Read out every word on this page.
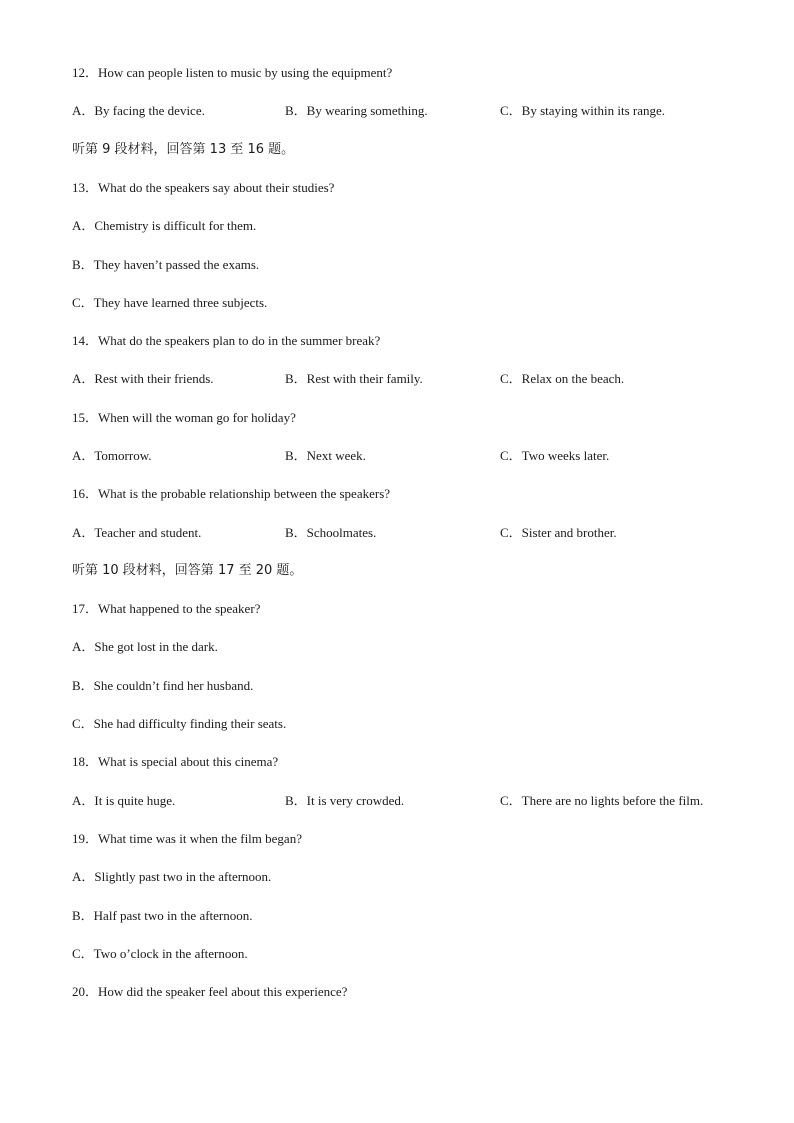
12．How can people listen to music by using the equipment?
A．By facing the device.	B．By wearing something.	C．By staying within its range.
听第 9 段材料，回答第 13 至 16 题。
13．What do the speakers say about their studies?
A．Chemistry is difficult for them.
B．They haven’t passed the exams.
C．They have learned three subjects.
14．What do the speakers plan to do in the summer break?
A．Rest with their friends.	B．Rest with their family.	C．Relax on the beach.
15．When will the woman go for holiday?
A．Tomorrow.	B．Next week.	C．Two weeks later.
16．What is the probable relationship between the speakers?
A．Teacher and student.	B．Schoolmates.	C．Sister and brother.
听第 10 段材料，回答第 17 至 20 题。
17．What happened to the speaker?
A．She got lost in the dark.
B．She couldn’t find her husband.
C．She had difficulty finding their seats.
18．What is special about this cinema?
A．It is quite huge.	B．It is very crowded.	C．There are no lights before the film.
19．What time was it when the film began?
A．Slightly past two in the afternoon.
B．Half past two in the afternoon.
C．Two o’clock in the afternoon.
20．How did the speaker feel about this experience?
